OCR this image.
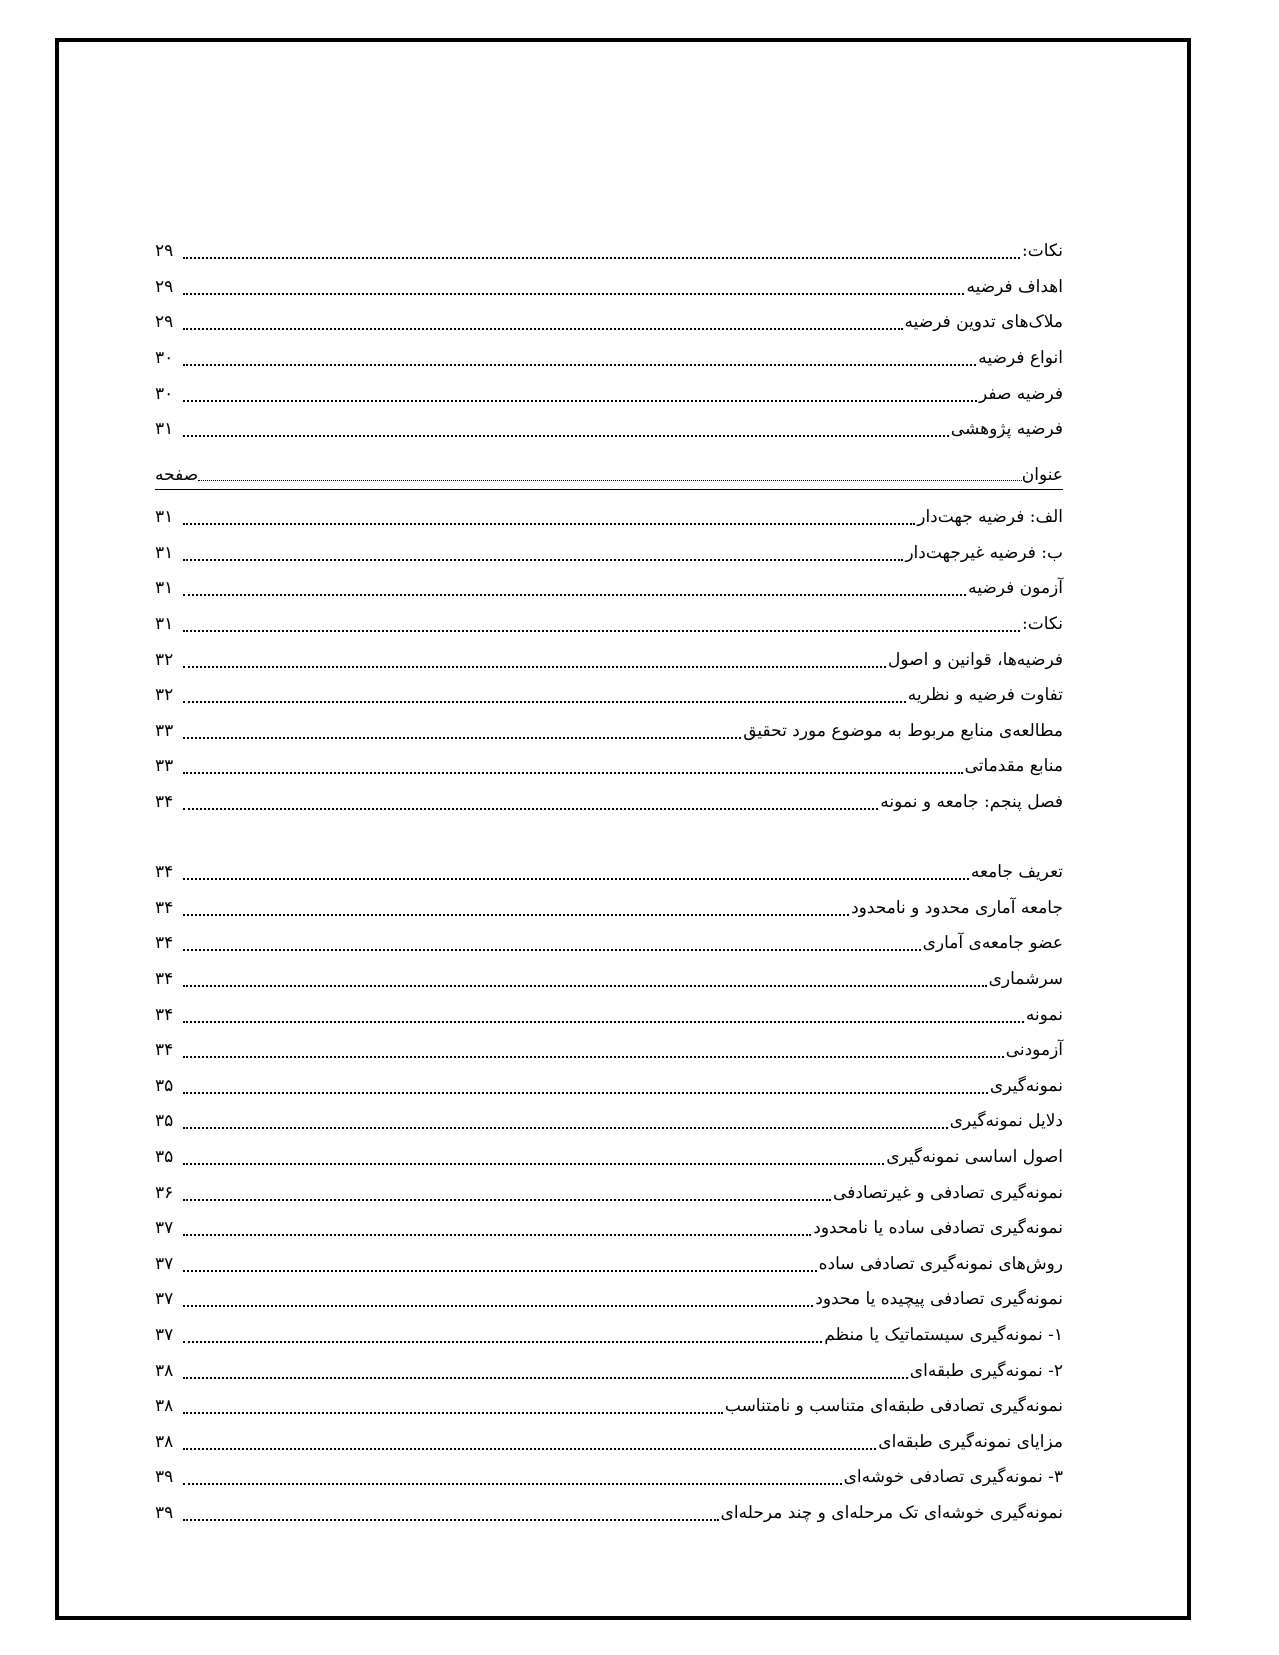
نکات:
۲۹
اهداف فرضیه
۲۹
ملاک‌های تدوین فرضیه
۲۹
انواع فرضیه
۳۰
فرضیه صفر
۳۰
فرضیه پژوهشی
۳۱
عنوان
صفحه
الف: فرضیه جهت‌دار
۳۱
ب: فرضیه غیرجهت‌دار
۳۱
آزمون فرضیه
۳۱
نکات:
۳۱
فرضیه‌ها، قوانین و اصول
۳۲
تفاوت فرضیه و نظریه
۳۲
مطالعه‌ی منابع مربوط به موضوع مورد تحقیق
۳۳
منابع مقدماتی
۳۳
فصل پنجم: جامعه و نمونه
۳۴
تعریف جامعه
۳۴
جامعه آماری محدود و نامحدود
۳۴
عضو جامعه‌ی آماری
۳۴
سرشماری
۳۴
نمونه
۳۴
آزمودنی
۳۴
نمونه‌گیری
۳۵
دلایل نمونه‌گیری
۳۵
اصول اساسی نمونه‌گیری
۳۵
نمونه‌گیری تصادفی و غیرتصادفی
۳۶
نمونه‌گیری تصادفی ساده یا نامحدود
۳۷
روش‌های نمونه‌گیری تصادفی ساده
۳۷
نمونه‌گیری تصادفی پیچیده یا محدود
۳۷
۱- نمونه‌گیری سیستماتیک یا منظم
۳۷
۲- نمونه‌گیری طبقه‌ای
۳۸
نمونه‌گیری تصادفی طبقه‌ای متناسب و نامتناسب
۳۸
مزایای نمونه‌گیری طبقه‌ای
۳۸
۳- نمونه‌گیری تصادفی خوشه‌ای
۳۹
نمونه‌گیری خوشه‌ای تک مرحله‌ای و چند مرحله‌ای
۳۹
